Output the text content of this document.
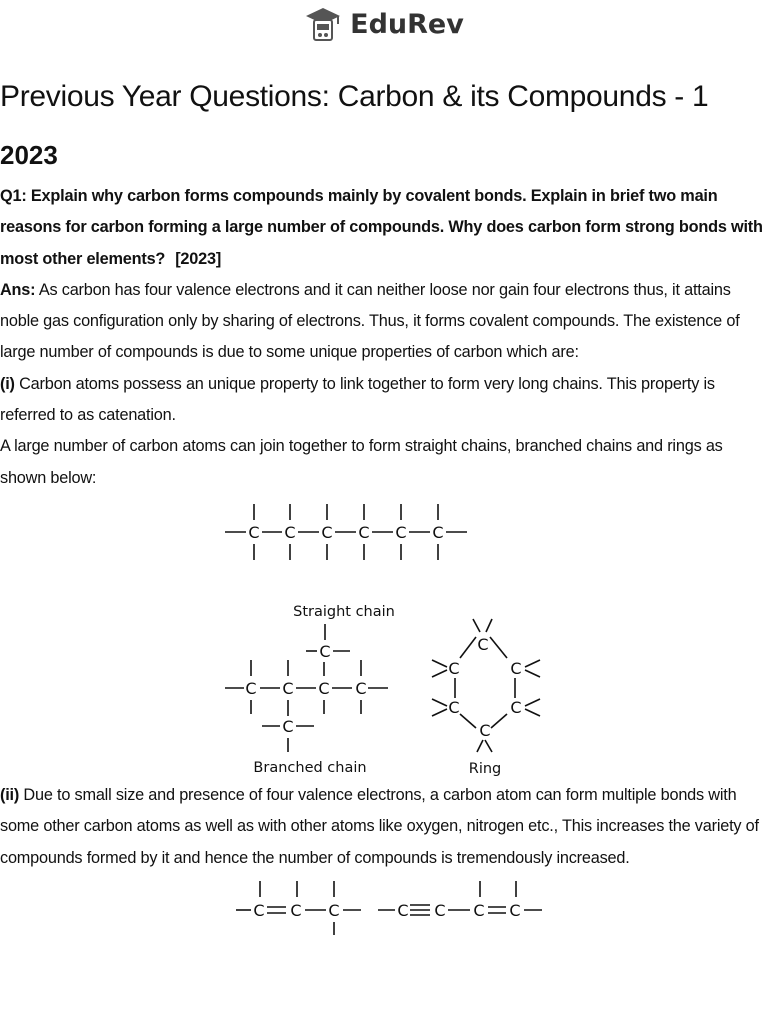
EduRev
Previous Year Questions: Carbon & its Compounds - 1
2023

Q1: Explain why carbon forms compounds mainly by covalent bonds. Explain in brief two main reasons for carbon forming a large number of compounds. Why does carbon form strong bonds with most other elements? [2023]

Ans: As carbon has four valence electrons and it can neither loose nor gain four electrons thus, it attains noble gas configuration only by sharing of electrons. Thus, it forms covalent compounds. The existence of large number of compounds is due to some unique properties of carbon which are:

(i) Carbon atoms possess an unique property to link together to form very long chains. This property is referred to as catenation.

A large number of carbon atoms can join together to form straight chains, branched chains and rings as shown below:

C C C C C C
Straight chain
C C C C
C
C
Branched chain
C
C	C
C	C
C
Ring

(ii) Due to small size and presence of four valence electrons, a carbon atom can form multiple bonds with some other carbon atoms as well as with other atoms like oxygen, nitrogen etc., This increases the variety of compounds formed by it and hence the number of compounds is tremendously increased.

C C C	C C C C
